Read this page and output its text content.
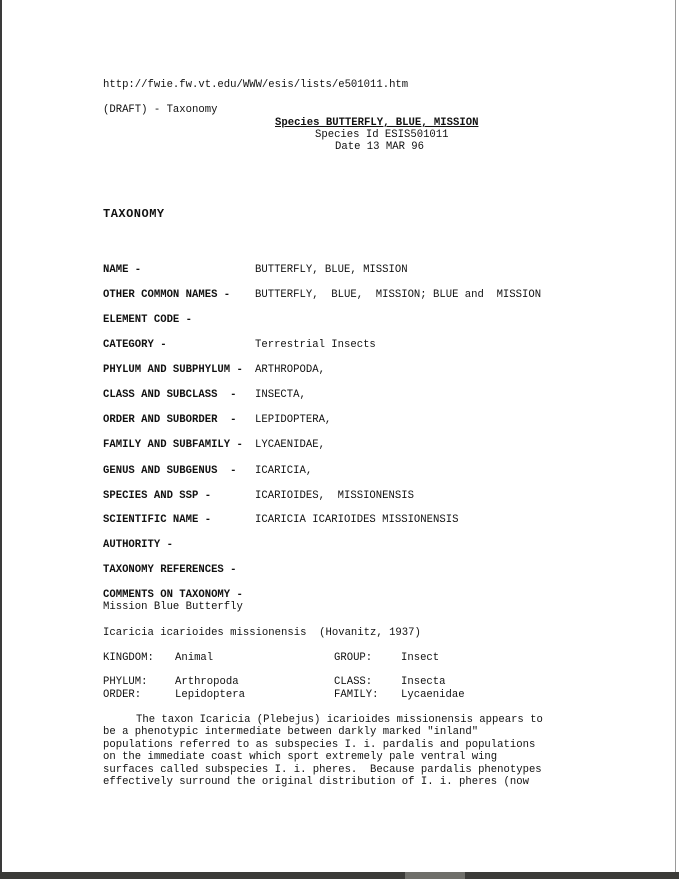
http://fwie.fw.vt.edu/WWW/esis/lists/e501011.htm

(DRAFT) - Taxonomy

Species BUTTERFLY, BLUE, MISSION

Species Id ESIS501011

Date 13 MAR 96

TAXONOMY

NAME -	BUTTERFLY, BLUE, MISSION

OTHER COMMON NAMES - BUTTERFLY,  BLUE,  MISSION; BLUE and  MISSION

ELEMENT CODE -

CATEGORY -	Terrestrial Insects

PHYLUM AND SUBPHYLUM - ARTHROPODA,

CLASS AND SUBCLASS  - INSECTA,

ORDER AND SUBORDER  - LEPIDOPTERA,

FAMILY AND SUBFAMILY - LYCAENIDAE,

GENUS AND SUBGENUS  - ICARICIA,

SPECIES AND SSP -	ICARIOIDES,  MISSIONENSIS

SCIENTIFIC NAME -	ICARICIA ICARIOIDES MISSIONENSIS

AUTHORITY -

TAXONOMY REFERENCES -

COMMENTS ON TAXONOMY -

Mission Blue Butterfly

Icaricia icarioides missionensis  (Hovanitz, 1937)

KINGDOM: Animal	GROUP:	Insect

PHYLUM:	Arthropoda	CLASS:	Insecta

ORDER:	Lepidoptera	FAMILY: Lycaenidae

The taxon Icaricia (Plebejus) icarioides missionensis appears to

be a phenotypic intermediate between darkly marked "inland"

populations referred to as subspecies I. i. pardalis and populations

on the immediate coast which sport extremely pale ventral wing

surfaces called subspecies I. i. pheres.  Because pardalis phenotypes

effectively surround the original distribution of I. i. pheres (now
